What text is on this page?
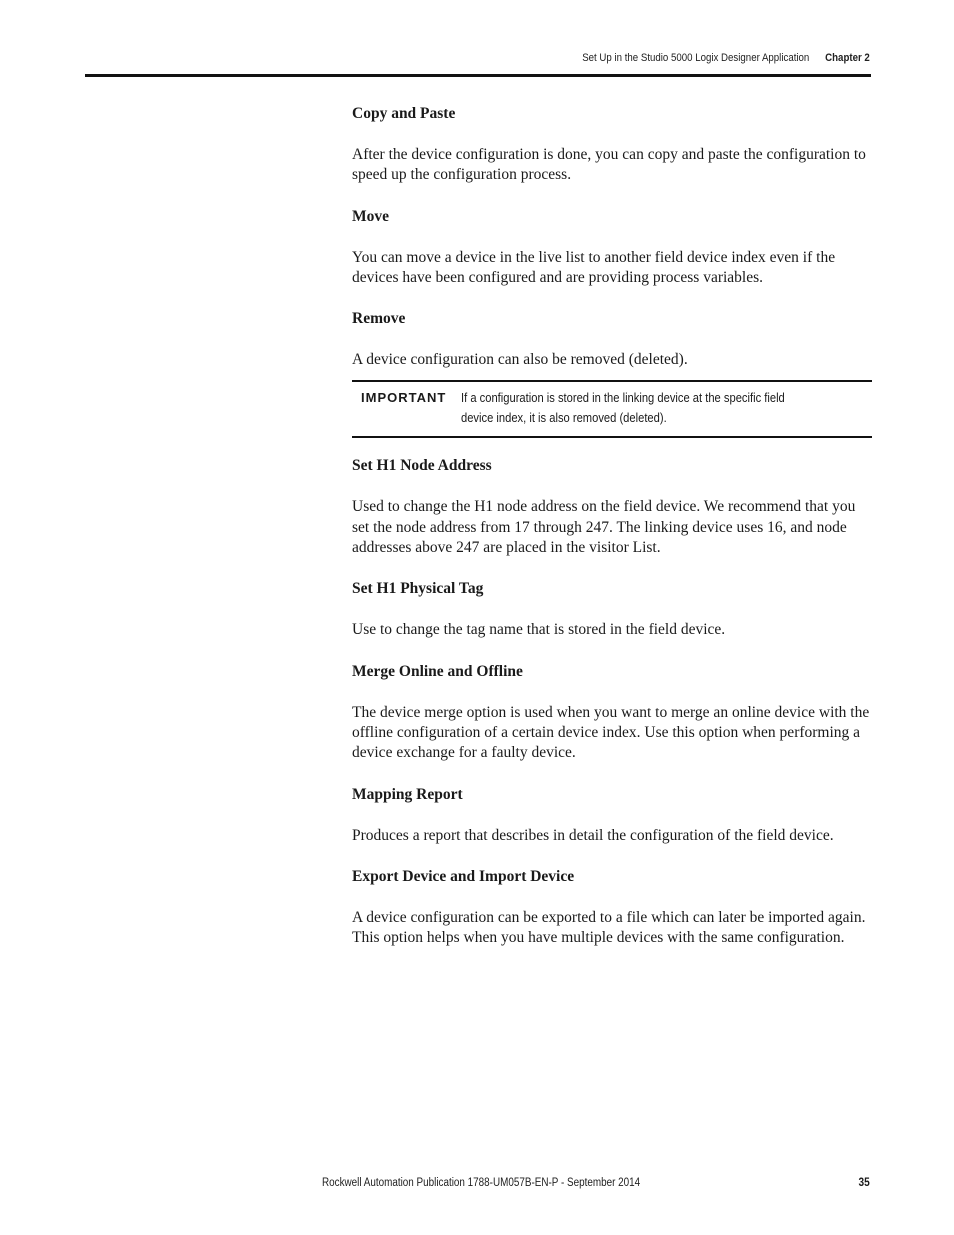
Set Up in the Studio 5000 Logix Designer Application Chapter 2
Copy and Paste
After the device configuration is done, you can copy and paste the configuration to speed up the configuration process.
Move
You can move a device in the live list to another field device index even if the devices have been configured and are providing process variables.
Remove
A device configuration can also be removed (deleted).
IMPORTANT	If a configuration is stored in the linking device at the specific field device index, it is also removed (deleted).
Set H1 Node Address
Used to change the H1 node address on the field device. We recommend that you set the node address from 17 through 247. The linking device uses 16, and node addresses above 247 are placed in the visitor List.
Set H1 Physical Tag
Use to change the tag name that is stored in the field device.
Merge Online and Offline
The device merge option is used when you want to merge an online device with the offline configuration of a certain device index. Use this option when performing a device exchange for a faulty device.
Mapping Report
Produces a report that describes in detail the configuration of the field device.
Export Device and Import Device
A device configuration can be exported to a file which can later be imported again. This option helps when you have multiple devices with the same configuration.
Rockwell Automation Publication 1788-UM057B-EN-P - September 2014	35
